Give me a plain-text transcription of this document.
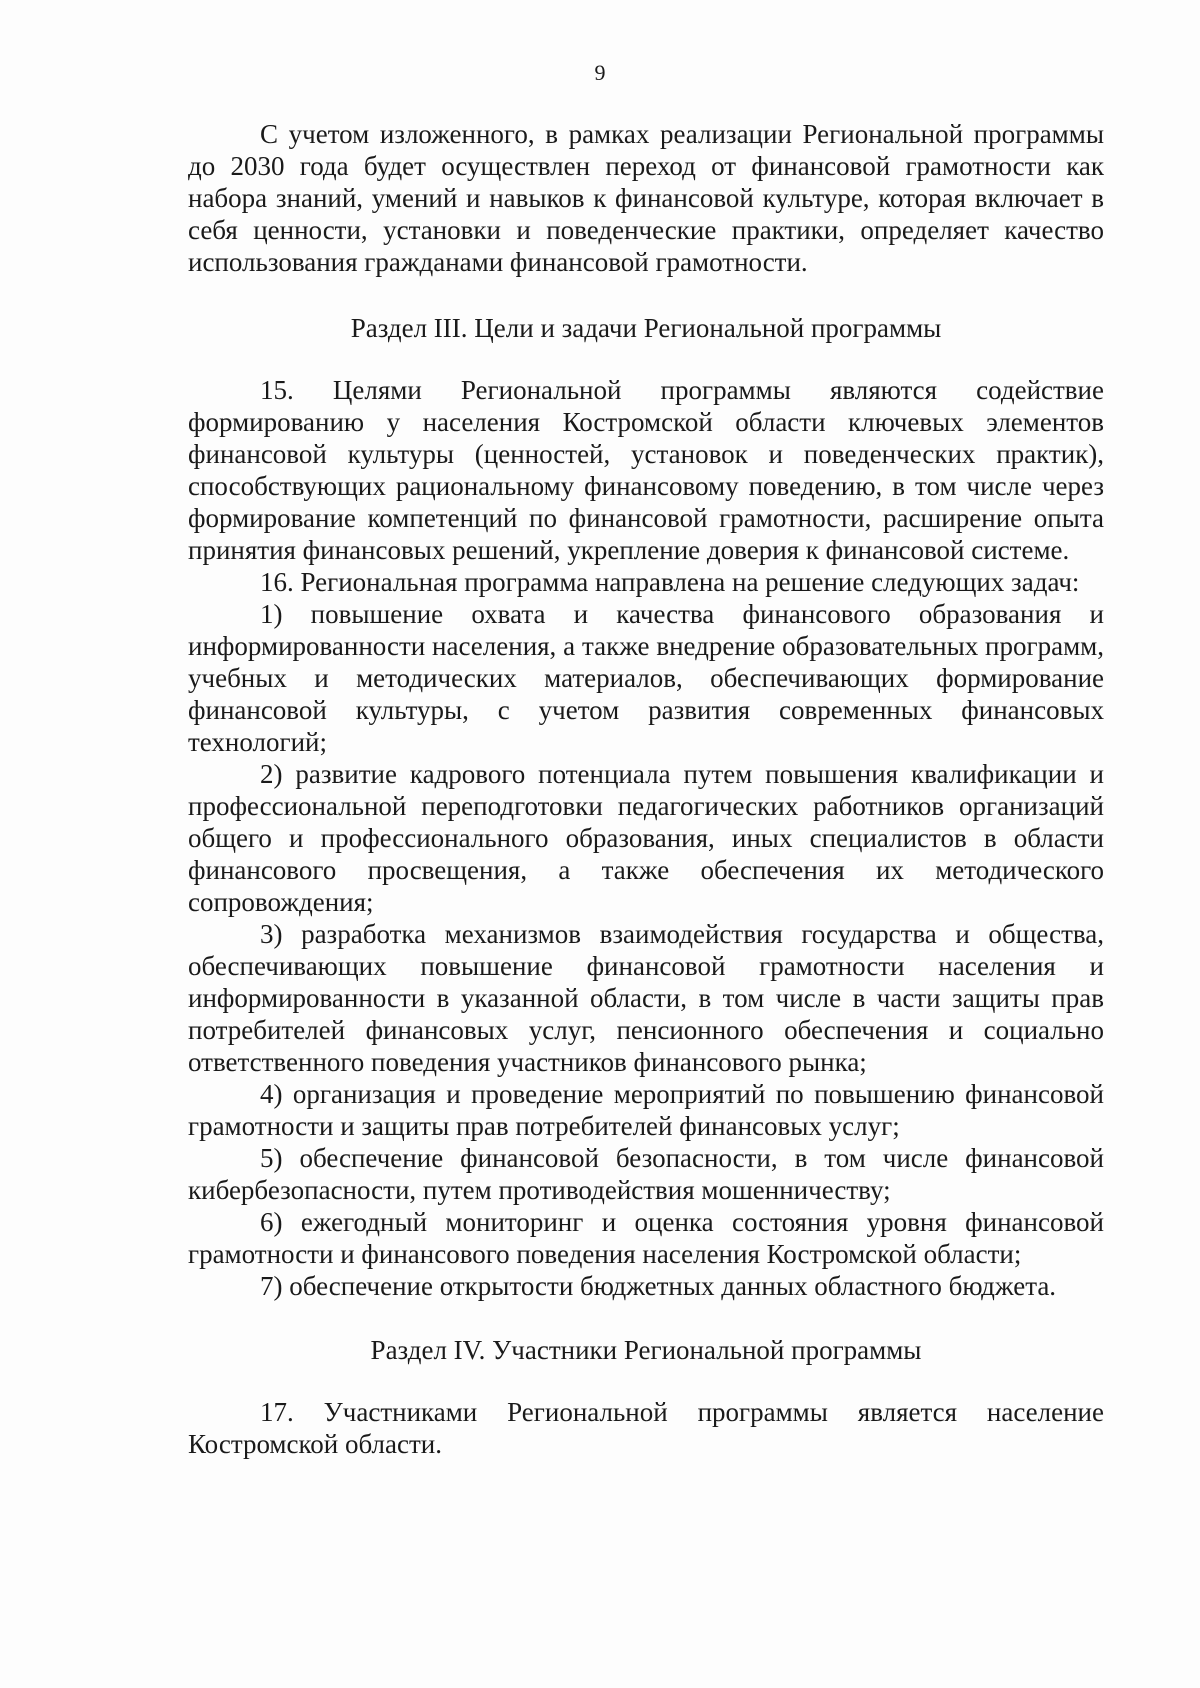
9

С учетом изложенного, в рамках реализации Региональной программы до 2030 года будет осуществлен переход от финансовой грамотности как набора знаний, умений и навыков к финансовой культуре, которая включает в себя ценности, установки и поведенческие практики, определяет качество использования гражданами финансовой грамотности.

Раздел III. Цели и задачи Региональной программы

15. Целями Региональной программы являются содействие формированию у населения Костромской области ключевых элементов финансовой культуры (ценностей, установок и поведенческих практик), способствующих рациональному финансовому поведению, в том числе через формирование компетенций по финансовой грамотности, расширение опыта принятия финансовых решений, укрепление доверия к финансовой системе.

16. Региональная программа направлена на решение следующих задач:

1) повышение охвата и качества финансового образования и информированности населения, а также внедрение образовательных программ, учебных и методических материалов, обеспечивающих формирование финансовой культуры, с учетом развития современных финансовых технологий;

2) развитие кадрового потенциала путем повышения квалификации и профессиональной переподготовки педагогических работников организаций общего и профессионального образования, иных специалистов в области финансового просвещения, а также обеспечения их методического сопровождения;

3) разработка механизмов взаимодействия государства и общества, обеспечивающих повышение финансовой грамотности населения и информированности в указанной области, в том числе в части защиты прав потребителей финансовых услуг, пенсионного обеспечения и социально ответственного поведения участников финансового рынка;

4) организация и проведение мероприятий по повышению финансовой грамотности и защиты прав потребителей финансовых услуг;

5) обеспечение финансовой безопасности, в том числе финансовой кибербезопасности, путем противодействия мошенничеству;

6) ежегодный мониторинг и оценка состояния уровня финансовой грамотности и финансового поведения населения Костромской области;

7) обеспечение открытости бюджетных данных областного бюджета.

Раздел IV. Участники Региональной программы

17. Участниками Региональной программы является население Костромской области.
